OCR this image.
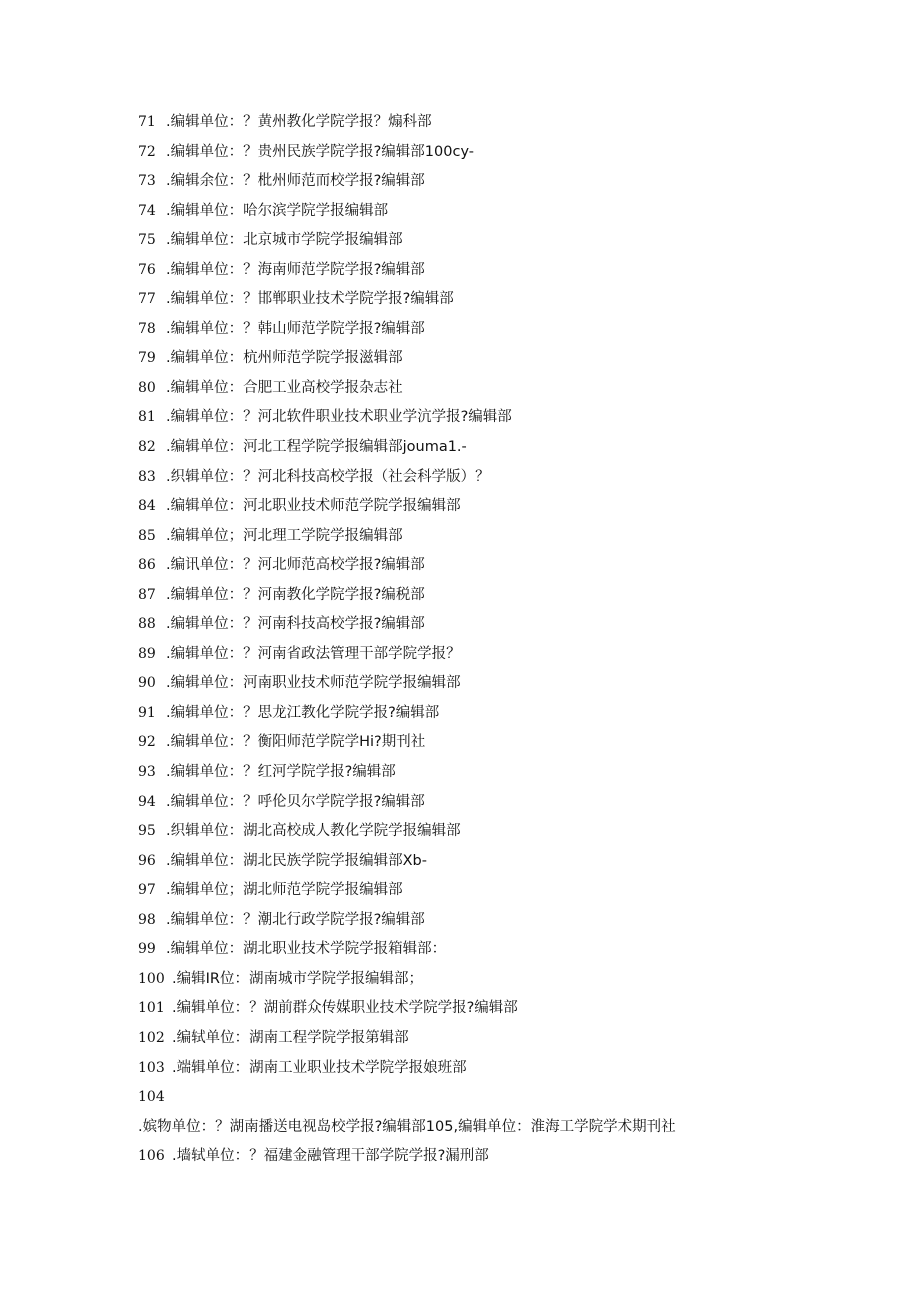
71 .编辑单位：？黄州教化学院学报？煽科部
72 .编辑单位：？贵州民族学院学报?编辑部100cy-
73 .编辑余位：？枇州师范而校学报?编辑部
74 .编辑单位：哈尔滨学院学报编辑部
75 .编辑单位：北京城市学院学报编辑部
76 .编辑单位：？海南师范学院学报?编辑部
77 .编辑单位：？邯郸职业技术学院学报?编辑部
78 .编辑单位：？韩山师范学院学报?编辑部
79 .编辑单位：杭州师范学院学报滋辑部
80 .编辑单位：合肥工业高校学报杂志社
81 .编辑单位：？河北软件职业技术职业学沆学报?编辑部
82 .编辑单位：河北工程学院学报编辑部jouma1.-
83 .织辑单位：？河北科技高校学报（社会科学版）？
84 .编辑单位：河北职业技术师范学院学报编辑部
85 .编辑单位；河北理工学院学报编辑部
86 .编讯单位：？河北师范高校学报?编辑部
87 .编辑单位：？河南教化学院学报?编税部
88 .编辑单位：？河南科技高校学报?编辑部
89 .编辑单位：？河南省政法管理干部学院学报？
90 .编辑单位：河南职业技术师范学院学报编辑部
91 .编辑单位：？思龙江教化学院学报?编辑部
92 .编辑单位：？衡阳师范学院学Hi?期刊社
93 .编辑单位：？红河学院学报?编辑部
94 .编辑单位：？呼伦贝尔学院学报?编辑部
95 .织辑单位：湖北高校成人教化学院学报编辑部
96 .编辑单位：湖北民族学院学报编辑部Xb-
97 .编辑单位；湖北师范学院学报编辑部
98 .编辑单位：？潮北行政学院学报?编辑部
99 .编辑单位：湖北职业技术学院学报箱辑部：
100 .编辑IR位：湖南城市学院学报编辑部；
101 .编辑单位：？湖前群众传媒职业技术学院学报?编辑部
102 .编轼单位：湖南工程学院学报第辑部
103 .端辑单位：湖南工业职业技术学院学报娘班部
104.嫔物单位：？湖南播送电视岛校学报?编辑部105,编辑单位：淮海工学院学术期刊社
106 .墙轼单位：？福建金融管理干部学院学报?漏刑部
